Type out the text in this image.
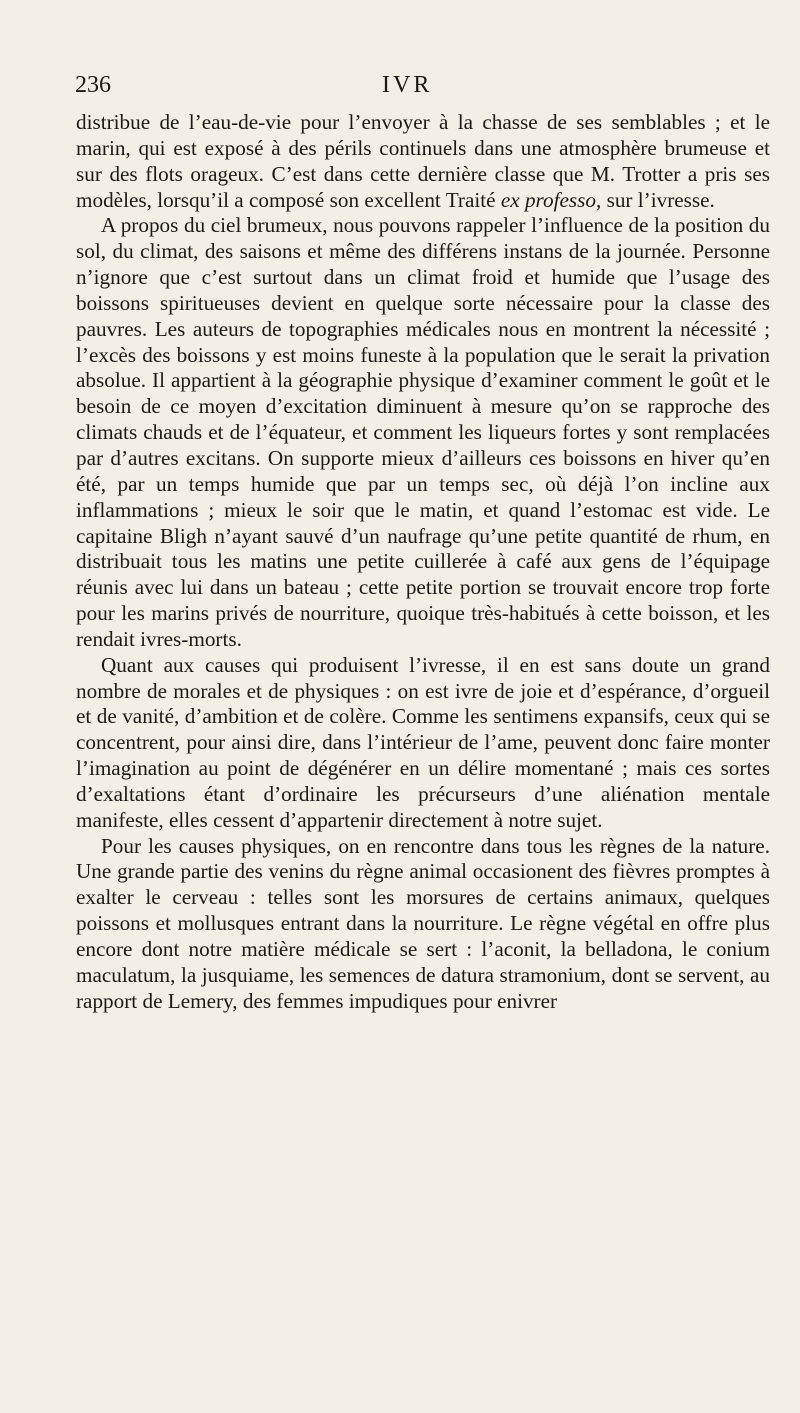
236	IVR

distribue de l’eau-de-vie pour l’envoyer à la chasse de ses semblables ; et le marin, qui est exposé à des périls continuels dans une atmosphère brumeuse et sur des flots orageux. C’est dans cette dernière classe que M. Trotter a pris ses modèles, lorsqu’il a composé son excellent Traité ex professo, sur l’ivresse.

A propos du ciel brumeux, nous pouvons rappeler l’influence de la position du sol, du climat, des saisons et même des différens instans de la journée. Personne n’ignore que c’est surtout dans un climat froid et humide que l’usage des boissons spiritueuses devient en quelque sorte nécessaire pour la classe des pauvres. Les auteurs de topographies médicales nous en montrent la nécessité ; l’excès des boissons y est moins funeste à la population que le serait la privation absolue. Il appartient à la géographie physique d’examiner comment le goût et le besoin de ce moyen d’excitation diminuent à mesure qu’on se rapproche des climats chauds et de l’équateur, et comment les liqueurs fortes y sont remplacées par d’autres excitans. On supporte mieux d’ailleurs ces boissons en hiver qu’en été, par un temps humide que par un temps sec, où déjà l’on incline aux inflammations ; mieux le soir que le matin, et quand l’estomac est vide. Le capitaine Bligh n’ayant sauvé d’un naufrage qu’une petite quantité de rhum, en distribuait tous les matins une petite cuillerée à café aux gens de l’équipage réunis avec lui dans un bateau ; cette petite portion se trouvait encore trop forte pour les marins privés de nourriture, quoique très-habitués à cette boisson, et les rendait ivres-morts.

Quant aux causes qui produisent l’ivresse, il en est sans doute un grand nombre de morales et de physiques : on est ivre de joie et d’espérance, d’orgueil et de vanité, d’ambition et de colère. Comme les sentimens expansifs, ceux qui se concentrent, pour ainsi dire, dans l’intérieur de l’ame, peuvent donc faire monter l’imagination au point de dégénérer en un délire momentané ; mais ces sortes d’exaltations étant d’ordinaire les précurseurs d’une aliénation mentale manifeste, elles cessent d’appartenir directement à notre sujet.

Pour les causes physiques, on en rencontre dans tous les règnes de la nature. Une grande partie des venins du règne animal occasionent des fièvres promptes à exalter le cerveau : telles sont les morsures de certains animaux, quelques poissons et mollusques entrant dans la nourriture. Le règne végétal en offre plus encore dont notre matière médicale se sert : l’aconit, la belladona, le conium maculatum, la jusquiame, les semences de datura stramonium, dont se servent, au rapport de Lemery, des femmes impudiques pour enivrer
